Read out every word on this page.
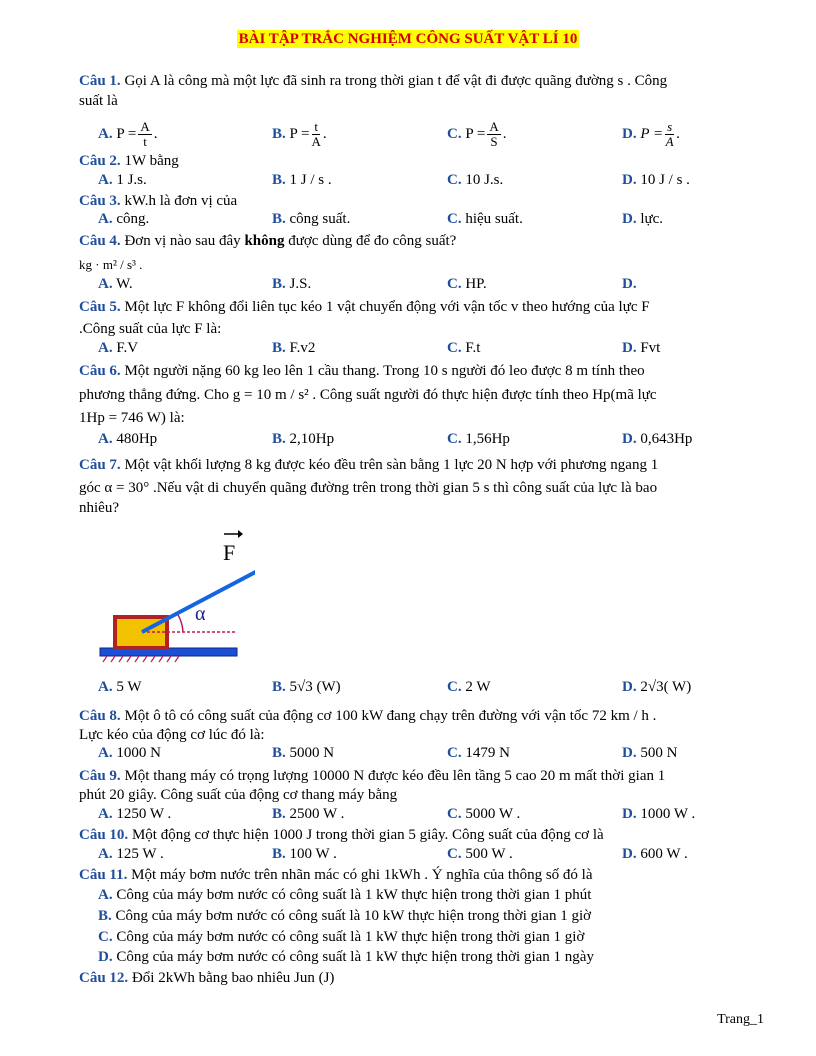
BÀI TẬP TRẮC NGHIỆM CÔNG SUẤT VẬT LÍ 10
Câu 1. Gọi A là công mà một lực đã sinh ra trong thời gian t để vật đi được quãng đường s . Công
suất là
A. $P = \frac{A}{t}$ .	B. $P = \frac{t}{A}$ .	C. $P = \frac{A}{S}$ .	D. $P = \frac{s}{A}$ .
Câu 2. 1W bằng
A. 1 J.s.	B. 1 J / s .	C. 10 J.s.	D. 10 J / s .
Câu 3. kW.h là đơn vị của
A. công.	B. công suất.	C. hiệu suất.	D. lực.
Câu 4. Đơn vị nào sau đây không được dùng để đo công suất?
kg · m² / s³ .
A. W.	B. J.S.	C. HP.	D.
Câu 5. Một lực F không đổi liên tục kéo 1 vật chuyển động với vận tốc v theo hướng của lực F
.Công suất của lực F là:
A. F.V	B. F.v2	C. F.t	D. Fvt
Câu 6. Một người nặng 60 kg leo lên 1 cầu thang. Trong 10 s người đó leo được 8 m tính theo
phương thẳng đứng. Cho g = 10 m / s² . Công suất người đó thực hiện được tính theo Hp(mã lực
1Hp = 746 W) là:
A. 480Hp	B. 2,10Hp	C. 1,56Hp	D. 0,643Hp
Câu 7. Một vật khối lượng 8 kg được kéo đều trên sàn bằng 1 lực 20 N hợp với phương ngang 1
góc α = 30° .Nếu vật di chuyển quãng đường trên trong thời gian 5 s thì công suất của lực là bao
nhiêu?
α
F
A. 5 W	B. 5√3 (W)	C. 2 W	D. 2√3( W)
Câu 8. Một ô tô có công suất của động cơ 100 kW đang chạy trên đường với vận tốc 72 km / h .
Lực kéo của động cơ lúc đó là:
A. 1000 N	B. 5000 N	C. 1479 N	D. 500 N
Câu 9. Một thang máy có trọng lượng 10000 N được kéo đều lên tầng 5 cao 20 m mất thời gian 1
phút 20 giây. Công suất của động cơ thang máy bằng
A. 1250 W .	B. 2500 W .	C. 5000 W .	D. 1000 W .
Câu 10. Một động cơ thực hiện 1000 J trong thời gian 5 giây. Công suất của động cơ là
A. 125 W .	B. 100 W .	C. 500 W .	D. 600 W .
Câu 11. Một máy bơm nước trên nhãn mác có ghi 1kWh . Ý nghĩa của thông số đó là
A. Công của máy bơm nước có công suất là 1 kW thực hiện trong thời gian 1 phút
B. Công của máy bơm nước có công suất là 10 kW thực hiện trong thời gian 1 giờ
C. Công của máy bơm nước có công suất là 1 kW thực hiện trong thời gian 1 giờ
D. Công của máy bơm nước có công suất là 1 kW thực hiện trong thời gian 1 ngày
Câu 12. Đổi 2kWh bằng bao nhiêu Jun (J)
Trang_1
